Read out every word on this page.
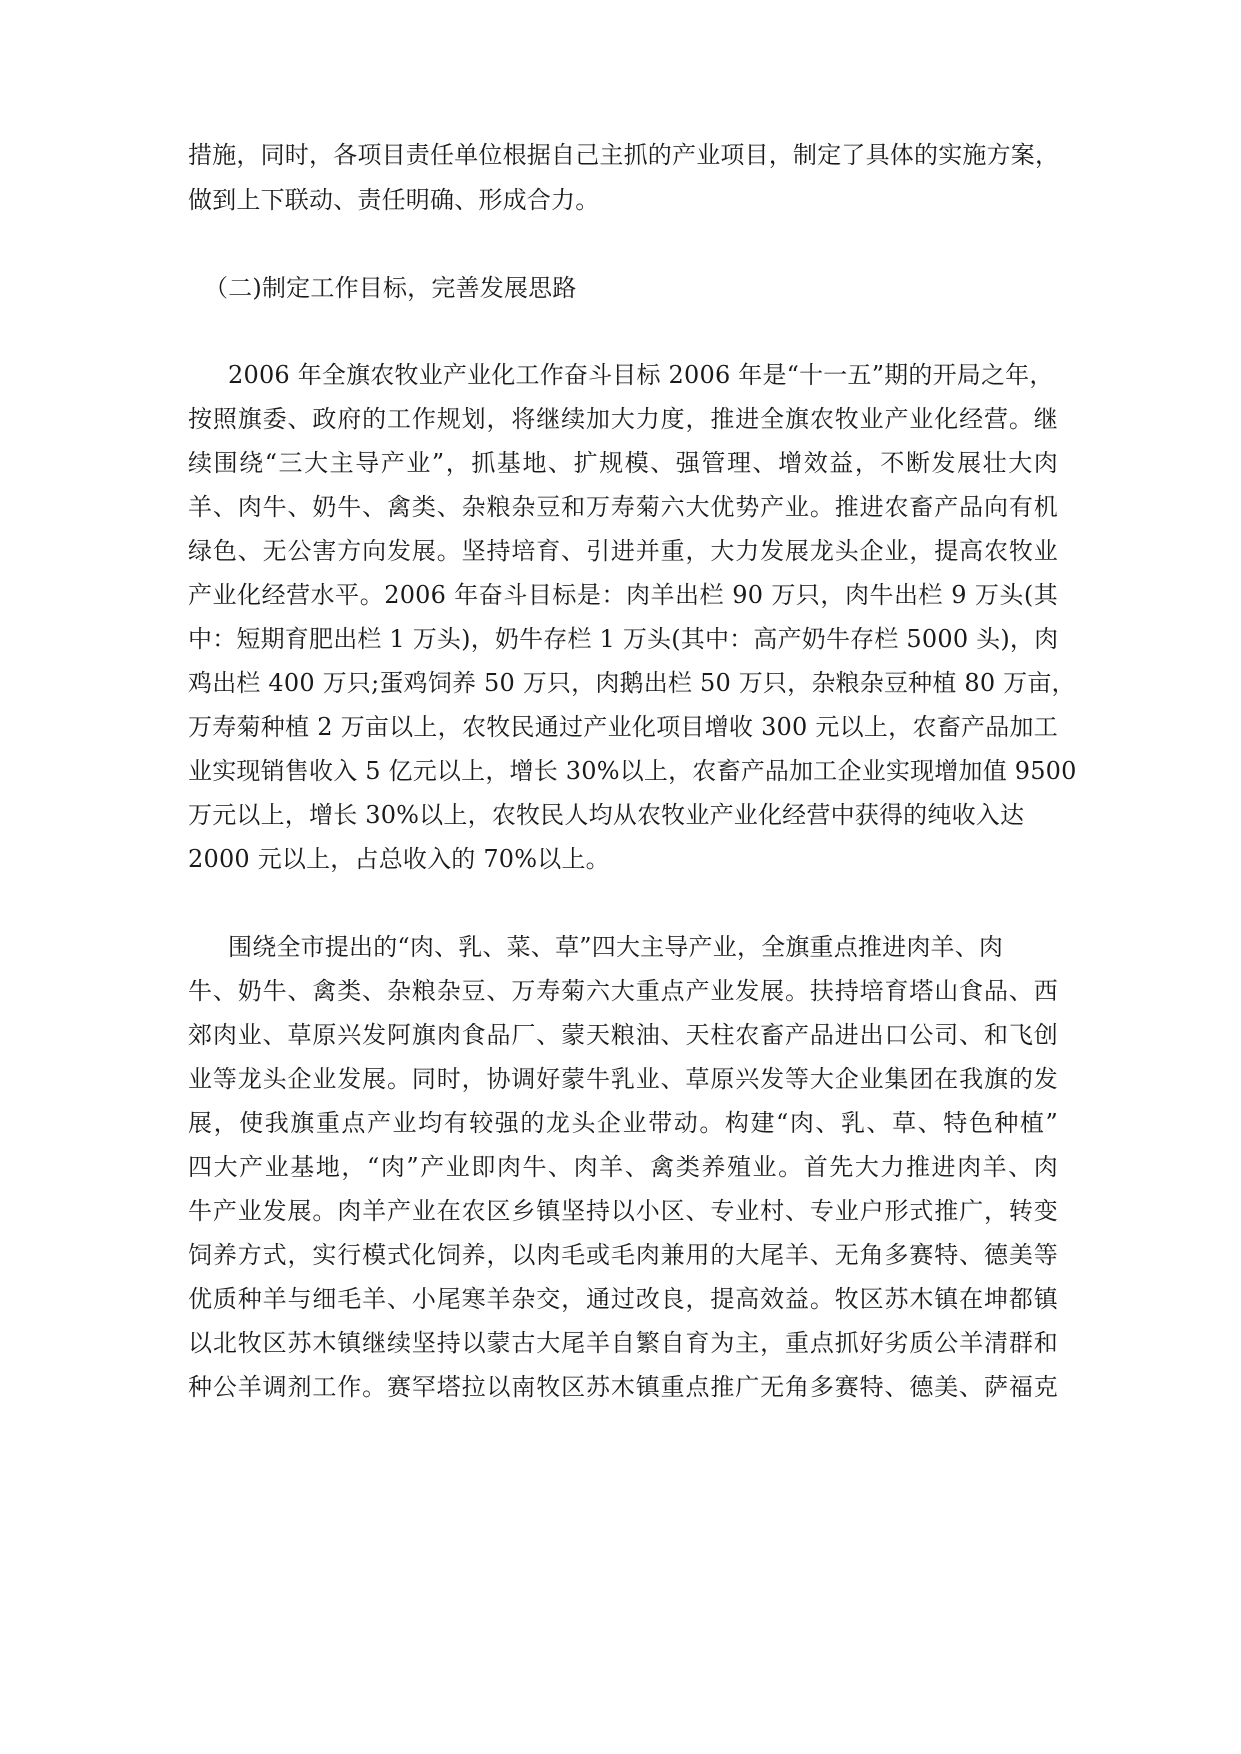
措施，同时，各项目责任单位根据自己主抓的产业项目，制定了具体的实施方案，
做到上下联动、责任明确、形成合力。
（二)制定工作目标，完善发展思路
2006 年全旗农牧业产业化工作奋斗目标 2006 年是“十一五”期的开局之年，
按照旗委、政府的工作规划，将继续加大力度，推进全旗农牧业产业化经营。继
续围绕“三大主导产业”，抓基地、扩规模、强管理、增效益，不断发展壮大肉
羊、肉牛、奶牛、禽类、杂粮杂豆和万寿菊六大优势产业。推进农畜产品向有机
绿色、无公害方向发展。坚持培育、引进并重，大力发展龙头企业，提高农牧业
产业化经营水平。2006 年奋斗目标是：肉羊出栏 90 万只，肉牛出栏 9 万头(其
中：短期育肥出栏 1 万头)，奶牛存栏 1 万头(其中：高产奶牛存栏 5000 头)，肉
鸡出栏 400 万只;蛋鸡饲养 50 万只，肉鹅出栏 50 万只，杂粮杂豆种植 80 万亩，
万寿菊种植 2 万亩以上，农牧民通过产业化项目增收 300 元以上，农畜产品加工
业实现销售收入 5 亿元以上，增长 30%以上，农畜产品加工企业实现增加值 9500
万元以上，增长 30%以上，农牧民人均从农牧业产业化经营中获得的纯收入达
2000 元以上，占总收入的 70%以上。
围绕全市提出的“肉、乳、菜、草”四大主导产业，全旗重点推进肉羊、肉
牛、奶牛、禽类、杂粮杂豆、万寿菊六大重点产业发展。扶持培育塔山食品、西
郊肉业、草原兴发阿旗肉食品厂、蒙天粮油、天柱农畜产品进出口公司、和飞创
业等龙头企业发展。同时，协调好蒙牛乳业、草原兴发等大企业集团在我旗的发
展，使我旗重点产业均有较强的龙头企业带动。构建“肉、乳、草、特色种植”
四大产业基地，“肉”产业即肉牛、肉羊、禽类养殖业。首先大力推进肉羊、肉
牛产业发展。肉羊产业在农区乡镇坚持以小区、专业村、专业户形式推广，转变
饲养方式，实行模式化饲养，以肉毛或毛肉兼用的大尾羊、无角多赛特、德美等
优质种羊与细毛羊、小尾寒羊杂交，通过改良，提高效益。牧区苏木镇在坤都镇
以北牧区苏木镇继续坚持以蒙古大尾羊自繁自育为主，重点抓好劣质公羊清群和
种公羊调剂工作。赛罕塔拉以南牧区苏木镇重点推广无角多赛特、德美、萨福克
